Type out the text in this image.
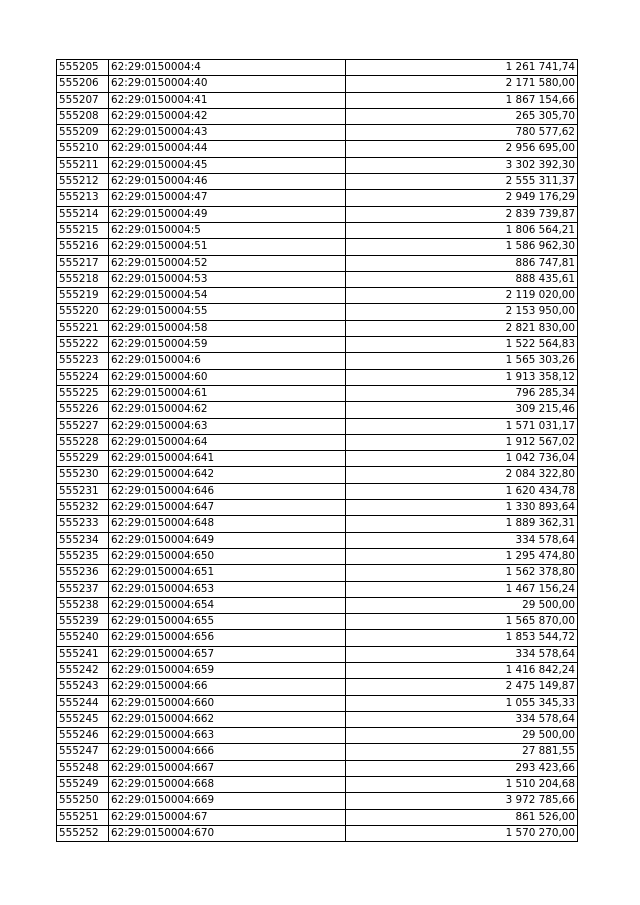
555205	62:29:0150004:4	1 261 741,74
555206	62:29:0150004:40	2 171 580,00
555207	62:29:0150004:41	1 867 154,66
555208	62:29:0150004:42	265 305,70
555209	62:29:0150004:43	780 577,62
555210	62:29:0150004:44	2 956 695,00
555211	62:29:0150004:45	3 302 392,30
555212	62:29:0150004:46	2 555 311,37
555213	62:29:0150004:47	2 949 176,29
555214	62:29:0150004:49	2 839 739,87
555215	62:29:0150004:5	1 806 564,21
555216	62:29:0150004:51	1 586 962,30
555217	62:29:0150004:52	886 747,81
555218	62:29:0150004:53	888 435,61
555219	62:29:0150004:54	2 119 020,00
555220	62:29:0150004:55	2 153 950,00
555221	62:29:0150004:58	2 821 830,00
555222	62:29:0150004:59	1 522 564,83
555223	62:29:0150004:6	1 565 303,26
555224	62:29:0150004:60	1 913 358,12
555225	62:29:0150004:61	796 285,34
555226	62:29:0150004:62	309 215,46
555227	62:29:0150004:63	1 571 031,17
555228	62:29:0150004:64	1 912 567,02
555229	62:29:0150004:641	1 042 736,04
555230	62:29:0150004:642	2 084 322,80
555231	62:29:0150004:646	1 620 434,78
555232	62:29:0150004:647	1 330 893,64
555233	62:29:0150004:648	1 889 362,31
555234	62:29:0150004:649	334 578,64
555235	62:29:0150004:650	1 295 474,80
555236	62:29:0150004:651	1 562 378,80
555237	62:29:0150004:653	1 467 156,24
555238	62:29:0150004:654	29 500,00
555239	62:29:0150004:655	1 565 870,00
555240	62:29:0150004:656	1 853 544,72
555241	62:29:0150004:657	334 578,64
555242	62:29:0150004:659	1 416 842,24
555243	62:29:0150004:66	2 475 149,87
555244	62:29:0150004:660	1 055 345,33
555245	62:29:0150004:662	334 578,64
555246	62:29:0150004:663	29 500,00
555247	62:29:0150004:666	27 881,55
555248	62:29:0150004:667	293 423,66
555249	62:29:0150004:668	1 510 204,68
555250	62:29:0150004:669	3 972 785,66
555251	62:29:0150004:67	861 526,00
555252	62:29:0150004:670	1 570 270,00
